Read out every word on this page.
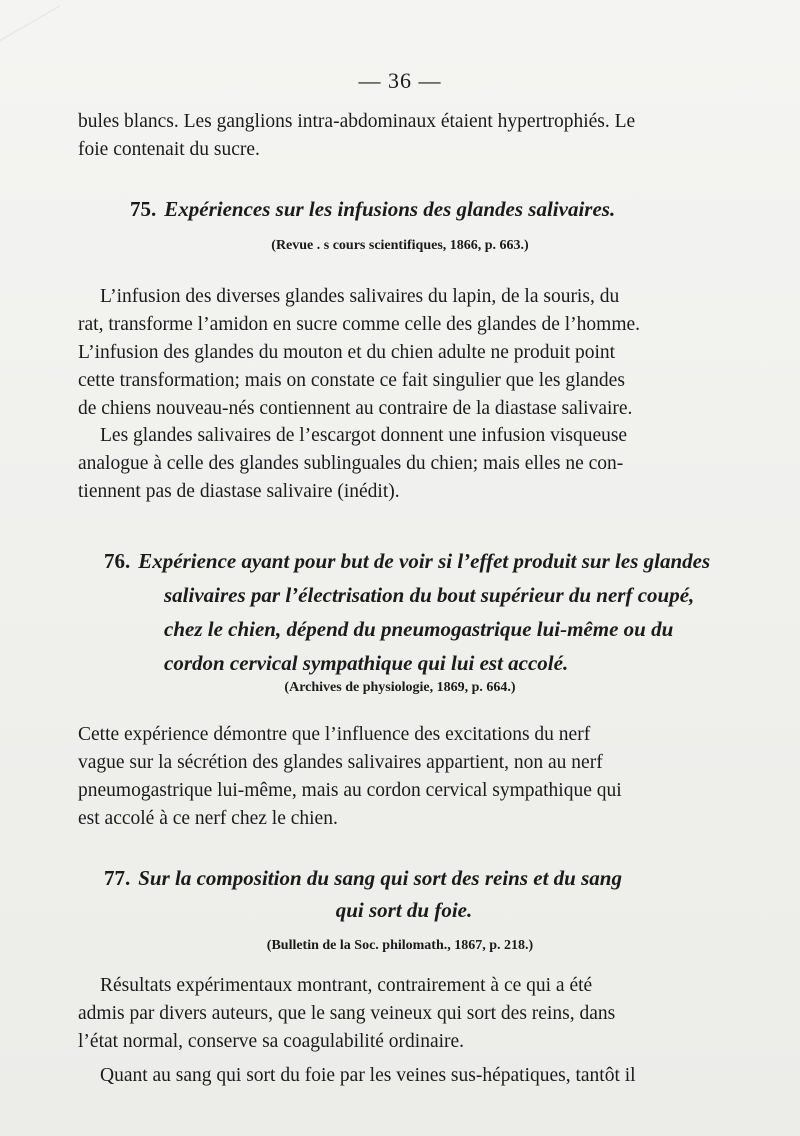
— 36 —
bules blancs. Les ganglions intra-abdominaux étaient hypertrophiés. Le
foie contenait du sucre.
75. Expériences sur les infusions des glandes salivaires.
(Revue . s cours scientifiques, 1866, p. 663.)
L’infusion des diverses glandes salivaires du lapin, de la souris, du
rat, transforme l’amidon en sucre comme celle des glandes de l’homme.
L’infusion des glandes du mouton et du chien adulte ne produit point
cette transformation; mais on constate ce fait singulier que les glandes
de chiens nouveau-nés contiennent au contraire de la diastase salivaire.
Les glandes salivaires de l’escargot donnent une infusion visqueuse
analogue à celle des glandes sublinguales du chien; mais elles ne con-
tiennent pas de diastase salivaire (inédit).
76. Expérience ayant pour but de voir si l’effet produit sur les glandes
salivaires par l’électrisation du bout supérieur du nerf coupé,
chez le chien, dépend du pneumogastrique lui-même ou du
cordon cervical sympathique qui lui est accolé.
(Archives de physiologie, 1869, p. 664.)
Cette expérience démontre que l’influence des excitations du nerf
vague sur la sécrétion des glandes salivaires appartient, non au nerf
pneumogastrique lui-même, mais au cordon cervical sympathique qui
est accolé à ce nerf chez le chien.
77. Sur la composition du sang qui sort des reins et du sang
qui sort du foie.
(Bulletin de la Soc. philomath., 1867, p. 218.)
Résultats expérimentaux montrant, contrairement à ce qui a été
admis par divers auteurs, que le sang veineux qui sort des reins, dans
l’état normal, conserve sa coagulabilité ordinaire.
Quant au sang qui sort du foie par les veines sus-hépatiques, tantôt il
